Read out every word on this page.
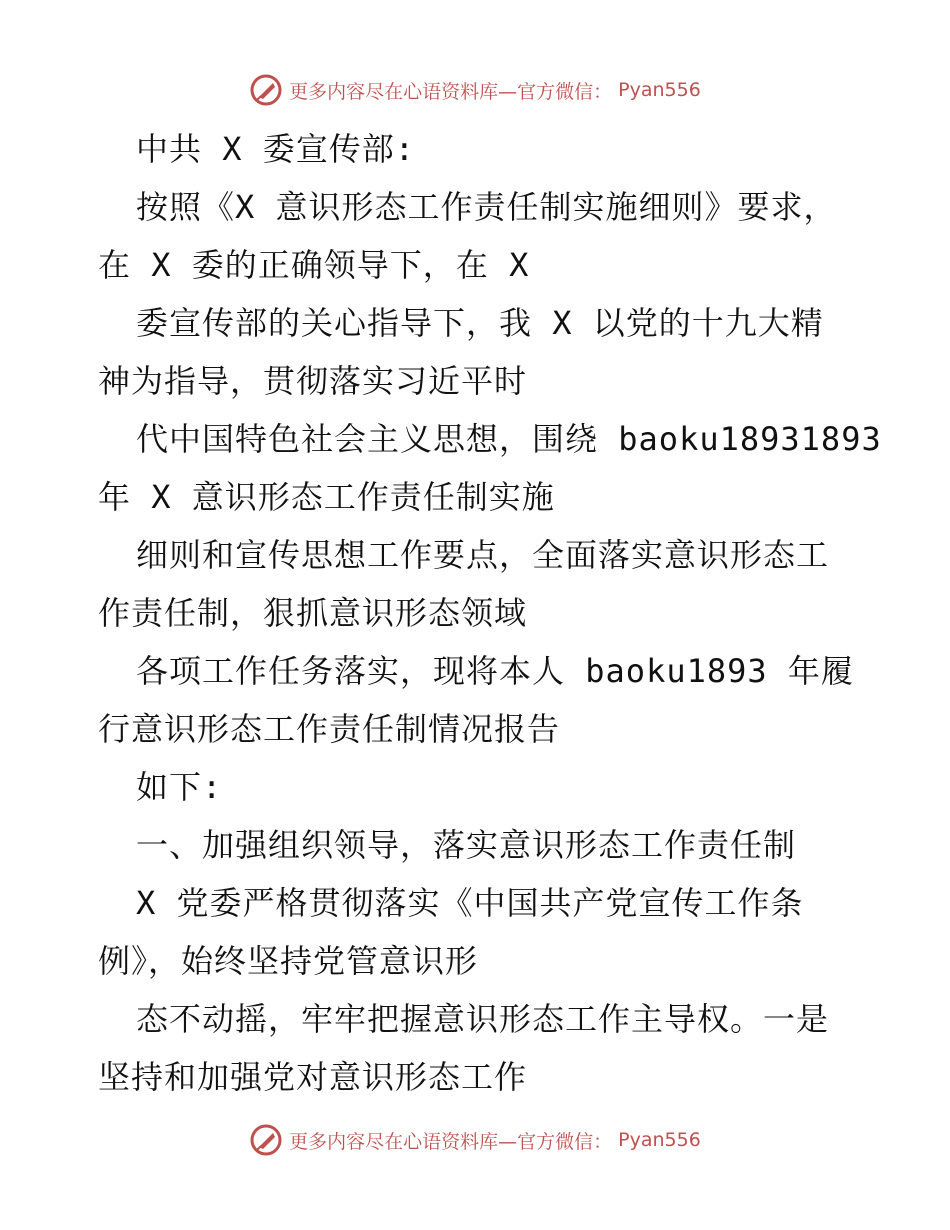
更多内容尽在心语资料库—官方微信： Pyan556
中共 X 委宣传部:
按照《X 意识形态工作责任制实施细则》要求，
在 X 委的正确领导下，在 X
委宣传部的关心指导下，我 X 以党的十九大精
神为指导，贯彻落实习近平时
代中国特色社会主义思想，围绕 baoku18931893
年 X 意识形态工作责任制实施
细则和宣传思想工作要点，全面落实意识形态工
作责任制，狠抓意识形态领域
各项工作任务落实，现将本人 baoku1893 年履
行意识形态工作责任制情况报告
如下:
一、加强组织领导，落实意识形态工作责任制
X 党委严格贯彻落实《中国共产党宣传工作条
例》，始终坚持党管意识形
态不动摇，牢牢把握意识形态工作主导权。一是
坚持和加强党对意识形态工作
更多内容尽在心语资料库—官方微信： Pyan556
